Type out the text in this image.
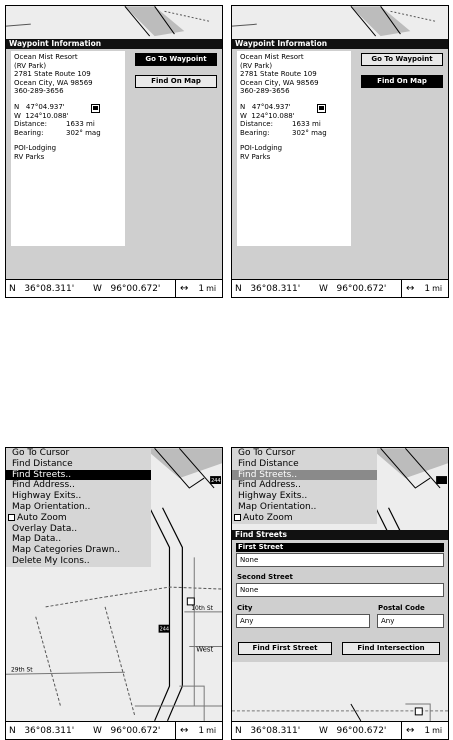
Waypoint Information
Ocean Mist Resort
(RV Park)
2781 State Route 109
Ocean City, WA 98569
360-289-3656
N   47°04.937'
W  124°10.088'
Distance:	1633 mi
Bearing:	302° mag
POI-Lodging
RV Parks
Go To Waypoint
Find On Map
N   36°08.311'	W   96°00.672'	↔	1 mi
Waypoint Information
Ocean Mist Resort
(RV Park)
2781 State Route 109
Ocean City, WA 98569
360-289-3656
N   47°04.937'
W  124°10.088'
Distance:	1633 mi
Bearing:	302° mag
POI-Lodging
RV Parks
Go To Waypoint
Find On Map
N   36°08.311'	W   96°00.672'	↔	1 mi
244
244
10th St
29th St
West
Go To Cursor
Find Distance
Find Streets..
Find Address..
Highway Exits..
Map Orientation..
Auto Zoom
Overlay Data..
Map Data..
Map Categories Drawn..
Delete My Icons..
N   36°08.311'	W   96°00.672'	↔	1 mi
Go To Cursor
Find Distance
Find Streets..
Find Address..
Highway Exits..
Map Orientation..
Auto Zoom
Find Streets
First Street
None
Second Street
None
City
Any
Postal Code
Any
Find First Street	Find Intersection
N   36°08.311'	W   96°00.672'	↔	1 mi
